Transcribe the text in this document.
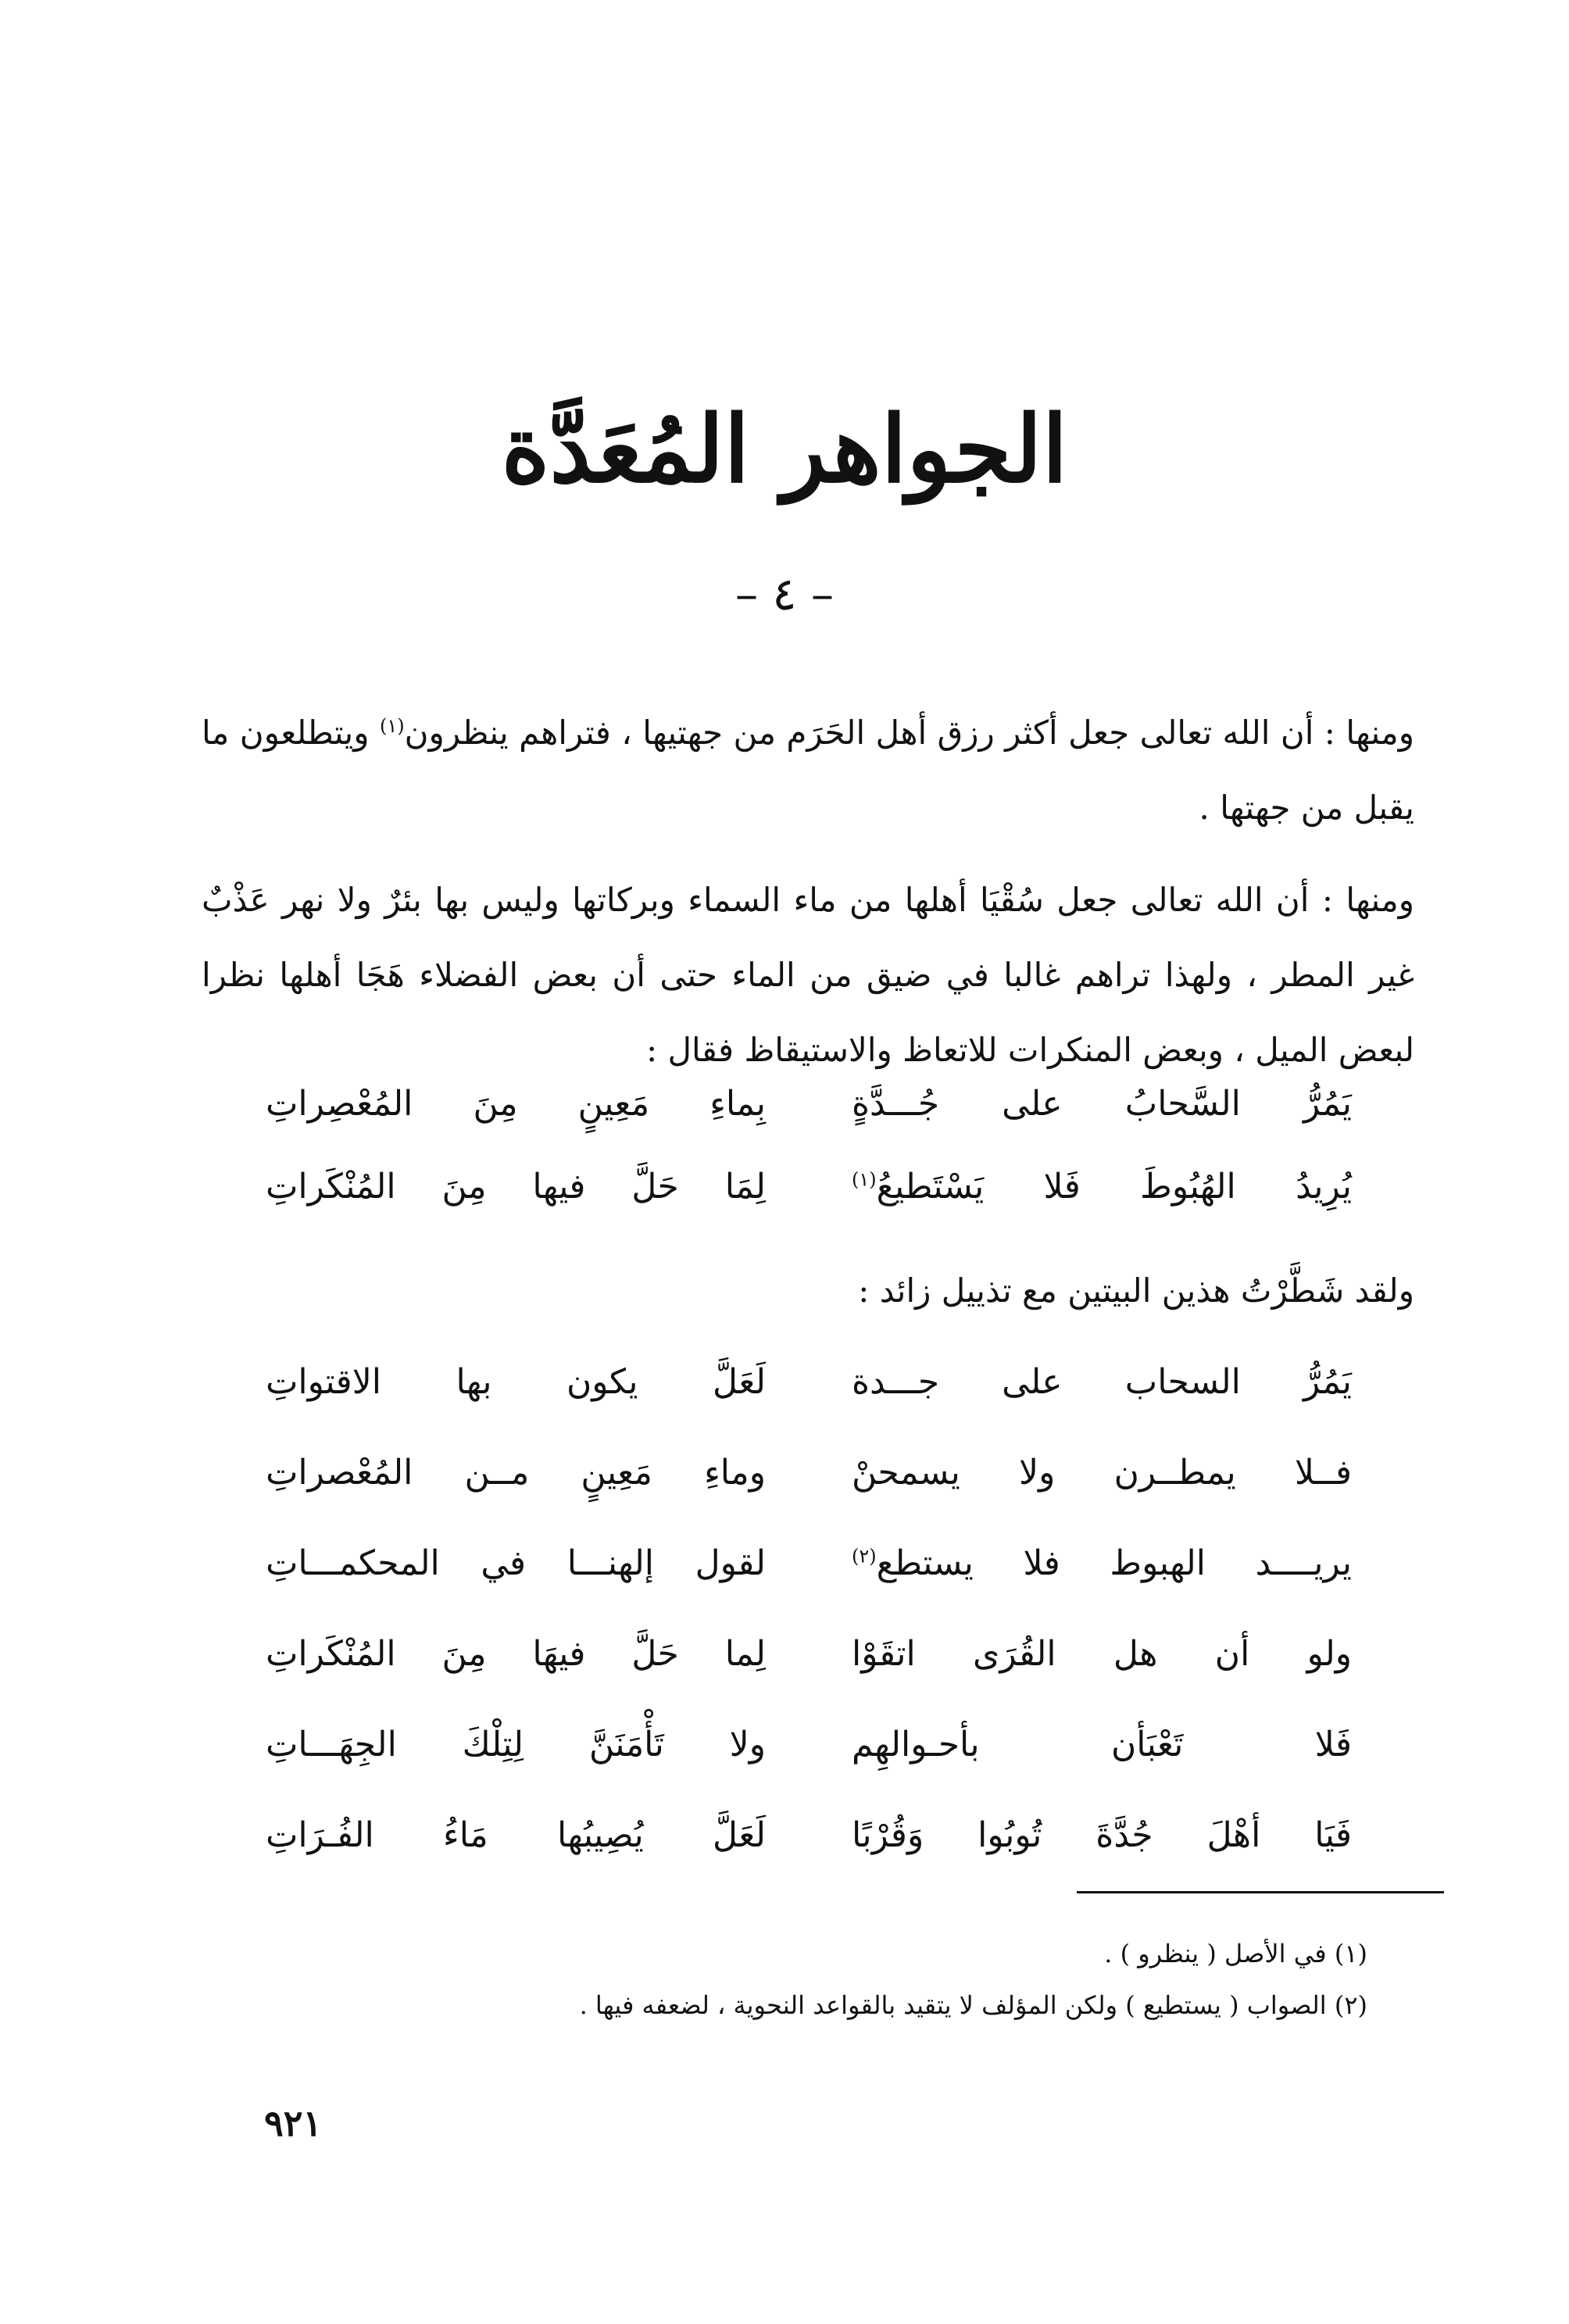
الجواهر المُعَدَّة
– ٤ –
ومنها : أن الله تعالى جعل أكثر رزق أهل الحَرَم من جهتيها ، فتراهم ينظرون$^{(١)}$ ويتطلعون ما يقبل من جهتها .
ومنها : أن الله تعالى جعل سُقْيَا أهلها من ماء السماء وبركاتها وليس بها بئرٌ ولا نهر عَذْبٌ غير المطر ، ولهذا تراهم غالبا في ضيق من الماء حتى أن بعض الفضلاء هَجَا أهلها نظرا لبعض الميل ، وبعض المنكرات للاتعاظ والاستيقاظ فقال :
يَمُرُّ السَّحابُ على جُـــدَّةٍ
بِماءِ مَعِينٍ مِنَ المُعْصِراتِ
يُرِيدُ الهُبُوطَ فَلا يَسْتَطيعُ$^{(١)}$
لِمَا حَلَّ فيها مِنَ المُنْكَراتِ
ولقد شَطَّرْتُ هذين البيتين مع تذييل زائد :
يَمُرُّ السحاب على جـــدة
لَعَلَّ يكون بها الاقتواتِ
فــلا يمطــرن ولا يسمحنْ
وماءِ مَعِينٍ مــن المُعْصراتِ
يريــــد الهبوط فلا يستطع$^{(٢)}$
لقول إلهنـــا في المحكمـــاتِ
ولو أن هل القُرَى اتقَوْا
لِما حَلَّ فيهَا مِنَ المُنْكَراتِ
فَلا تَعْبَأن بأحـوالهِم
ولا تَأْمَنَنَّ لِتِلْكَ الجِهَـــاتِ
فَيَا أهْلَ جُدَّةَ تُوبُوا وَقُرْبًا
لَعَلَّ يُصِيبُها مَاءُ الفُـرَاتِ
(١) في الأصل ( ينظرو ) .
(٢) الصواب ( يستطيع ) ولكن المؤلف لا يتقيد بالقواعد النحوية ، لضعفه فيها .
٩٢١
